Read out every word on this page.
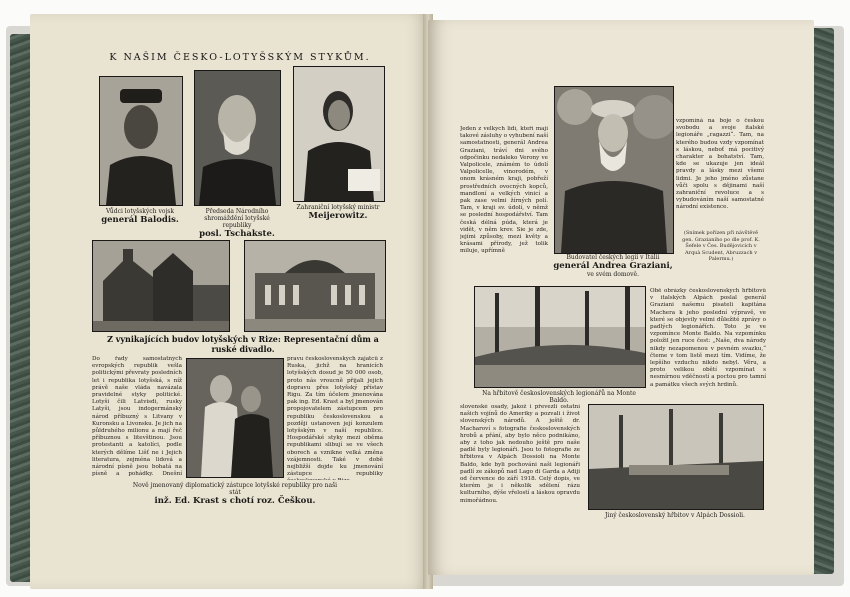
K NAŠIM ČESKO-LOTYŠSKÝM STYKŮM.
Vůdci lotyšských vojsk
generál Balodis.
Předseda Národního shromáždění lotyšské republiky
posl. Tschakste.
Zahraniční lotyšský ministr
Meijerowitz.
Z vynikajících budov lotyšských v Rize: Representační dům a ruské divadlo.
Do řady samostatných evropských republik vešla politickými převraty posledních let i republika lotyšská, s níž právě naše vláda navázala pravidelné styky politické. Lotyši čili Latvisdi, rusky Latyši, jsou indogermánský národ příbuzný s Litvany v Kuronsku a Livonsku. Je jich na půldruhého milionu a mají řeč příbuznou s litevštinou. Jsou protestanti a katolíci, podle kterých dělíme Lišť ne i Jejich literatura, zejména lidová a národní písně jsou bohatá na písně a pohádky. Dnešní
pravu československých zajatců z Ruska, jichž na hranicích lotyšských dosud je 50 000 osob, proto nás vroucně přijali jejich dopravu přes lotyšský přístav Rigu. Za tím účelem jmenována pak ing. Ed. Krast a byl jmenován propojovatelem zástupcem pro republiku československou a později ustanoven její konzulem lotyšským v naší republice. Hospodářské styky mezi oběma republikami slibují se ve všech oborech a vznikne velká změna vzájemnosti. Také v době nejbližší dojde ku jmenování zástupce republiky
Nově jmenovaný diplomatický zástupce lotyšské republiky pro naši stát
inž. Ed. Krast s chotí roz. Češkou.
Jeden z velkých lidí, kteří mají takové zásluhy o vyhubení naší samostatnosti, generál Andrea Graziani, tráví dni svého odpočinku nedaleko Verony ve Valpolicele, známém to údolí Valpolicelle, vinorodém, v onom krásném kraji, pobřeží prostředních ovocných kopců, mandloní a velkých vinicí a pak zase velmi žírných polí. Tam, v kraji sv. údolí, v němž se poslední hospodářství. Tam česká délná púda, která je vidět, v něm krev. Sie je zde, jejími způsoby, mezi květy a krásami přírody, jež tolik miluje, upřímně
vzpomíná na boje o českou svobodu a svoje italské legionáře „ragazzi“. Tam, na kterého budou vzdy vzpomínat s láskou, neboť má pocitivý charakter a bohatství. Tam, kde se ukazuje jen ideál pravdy a lásky mezi všemi lidmi. Je jeho jméno zůstane vůči spolu s dějinami naší zahraniční revoluce a s vybudováním naší samostatné národní existence.
(Snímek pořízen při návštěvě gen. Grazianiho po dle prof. K. Šefele v Čes. Budějovicích v Arquà Scudent, Abruzzach v Palermu.)
Budovatel českých legií v Itálii
generál Andrea Graziani,
ve svém domově.
Obě obrázky československých hřbitovů v italských Alpách poslal generál Graziani našemu pisateli kapitána Machera k jeho poslední výpravě, ve které se objevily velmi důležité zprávy o padlých legionářích. Toto je ve vzpomínce Monte Baldo. Na vzpomínku položil jen ruce čest: „Naše, dva národy nikdy nezapomenou v pevném svazku,“ čteme v tom listě mezi tím. Vidíme, že lepšího vzduchu nikdo nebyl. Věru, a proto velikou obětí vzpomínat s nesmírnou vděčností a poctou pro tamní a památku všech svých hrdinů.
Na hřbitově československých legionářů na Monte Baldo.
slovenské osady, jakož i převezli ostatní našich vojínů do Ameriky a pozvali i život slovenských národů. A ještě dr. Macharoví s fotografie československých hrobů a přání, aby bylo něco podnikáno, aby z toho jak nedouho ještě pro naše padlé byly legionáři. Jsou to fotografie ze hřbitova v Alpách Dossioli na Monte Baldo, kde byli pochováni naši legionáři padlí ze zákopů nad Lago di Garda a Adiji od července do září 1918. Celý dopis, ve kterém je i několik sdělení rázu kulturního, dýše vřelostí a láskou opravdu mimořádnou.
Jiný československý hřbitov v Alpách Dossioli.
